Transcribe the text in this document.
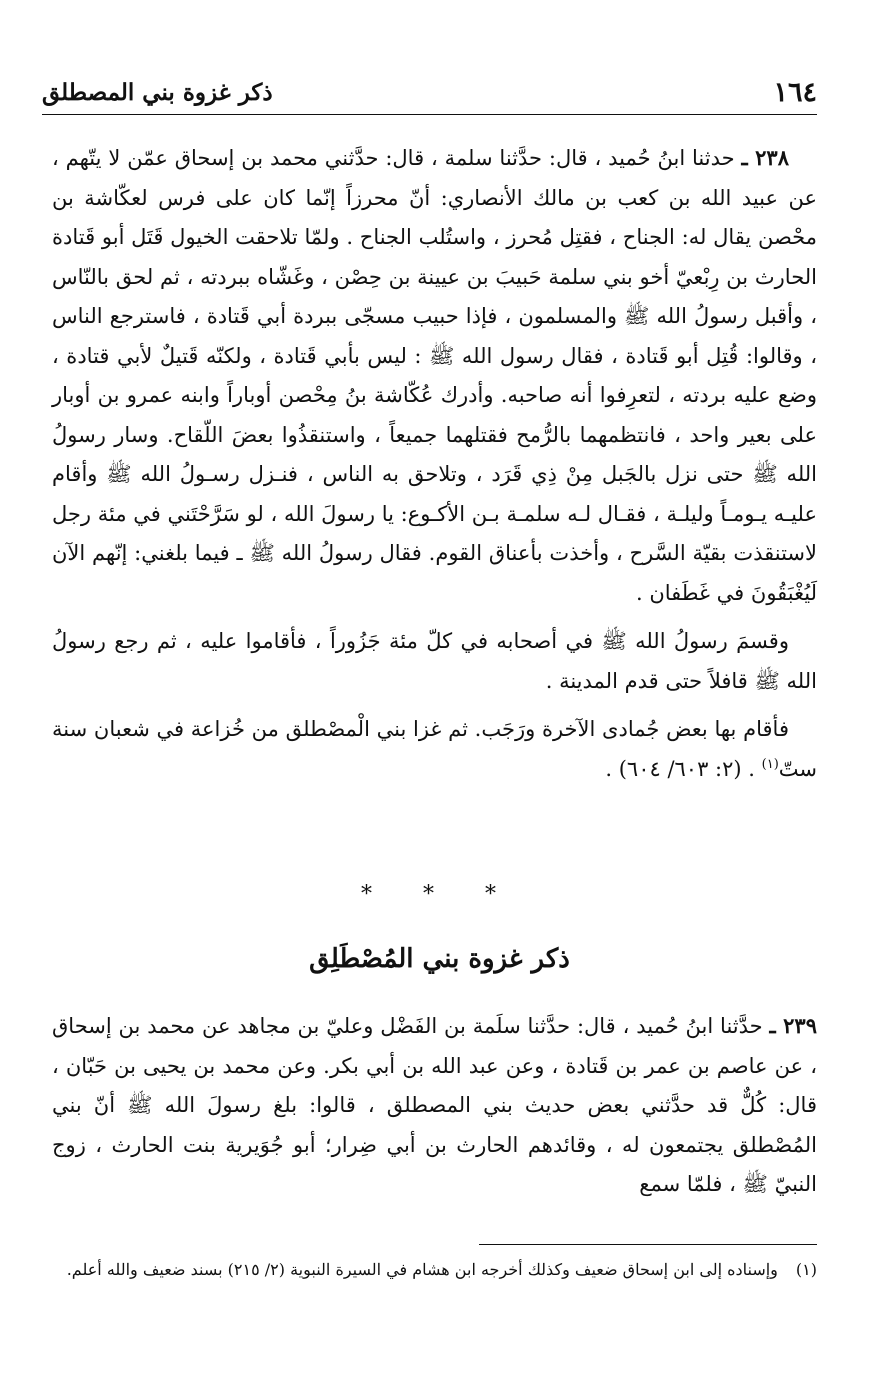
١٦٤
ذكر غزوة بني المصطلق

٢٣٨ ـ حدثنا ابنُ حُميد ، قال: حدَّثنا سلمة ، قال: حدَّثني محمد بن إسحاق عمّن لا يتّهم ، عن عبيد الله بن كعب بن مالك الأنصاري: أنّ محرزاً إنّما كان على فرس لعكّاشة بن محْصن يقال له: الجناح ، فقتِل مُحرز ، واستُلب الجناح . ولمّا تلاحقت الخيول قَتَل أبو قَتادة الحارث بن رِبْعيّ أخو بني سلمة حَبيبَ بن عيينة بن حِصْن ، وغَشّاه ببردته ، ثم لحق بالنّاس ، وأقبل رسولُ الله ﷺ والمسلمون ، فإذا حبيب مسجّى ببردة أبي قَتادة ، فاسترجع الناس ، وقالوا: قُتِل أبو قَتادة ، فقال رسول الله ﷺ : ليس بأبي قَتادة ، ولكنّه قَتيلٌ لأبي قتادة ، وضع عليه بردته ، لتعرِفوا أنه صاحبه. وأدرك عُكّاشة بنُ مِحْصن أوباراً وابنه عمرو بن أوبار على بعير واحد ، فانتظمهما بالرُّمح فقتلهما جميعاً ، واستنقذُوا بعضَ اللّقاح. وسار رسولُ الله ﷺ حتى نزل بالجَبل مِنْ ذِي قَرَد ، وتلاحق به الناس ، فنـزل رسـولُ الله ﷺ وأقام عليـه يـومـاً وليلـة ، فقـال لـه سلمـة بـن الأكـوع: يا رسولَ الله ، لو سَرَّحْتَني في مئة رجل لاستنقذت بقيّة السَّرح ، وأخذت بأعناق القوم. فقال رسولُ الله ﷺ ـ فيما بلغني: إنّهم الآن لَيُغْبَقُونَ في غَطَفان .

وقسمَ رسولُ الله ﷺ في أصحابه في كلّ مئة جَزُوراً ، فأقاموا عليه ، ثم رجع رسولُ الله ﷺ قافلاً حتى قدم المدينة .

فأقام بها بعض جُمادى الآخرة ورَجَب. ثم غزا بني الْمصْطلق من خُزاعة في شعبان سنة ستّ$^{(١)}$ . (٢: ٦٠٣/ ٦٠٤) .

* * *
ذكر غزوة بني المُصْطَلِق

٢٣٩ ـ حدَّثنا ابنُ حُميد ، قال: حدَّثنا سلَمة بن الفَضْل وعليّ بن مجاهد عن محمد بن إسحاق ، عن عاصم بن عمر بن قَتادة ، وعن عبد الله بن أبي بكر. وعن محمد بن يحيى بن حَبّان ، قال: كُلٌّ قد حدَّثني بعض حديث بني المصطلق ، قالوا: بلغ رسولَ الله ﷺ أنّ بني المُصْطلق يجتمعون له ، وقائدهم الحارث بن أبي ضِرار؛ أبو جُوَيرية بنت الحارث ، زوج النبيّ ﷺ ، فلمّا سمع

(١)
وإسناده إلى ابن إسحاق ضعيف وكذلك أخرجه ابن هشام في السيرة النبوية (٢/ ٢١٥) بسند ضعيف والله أعلم.
